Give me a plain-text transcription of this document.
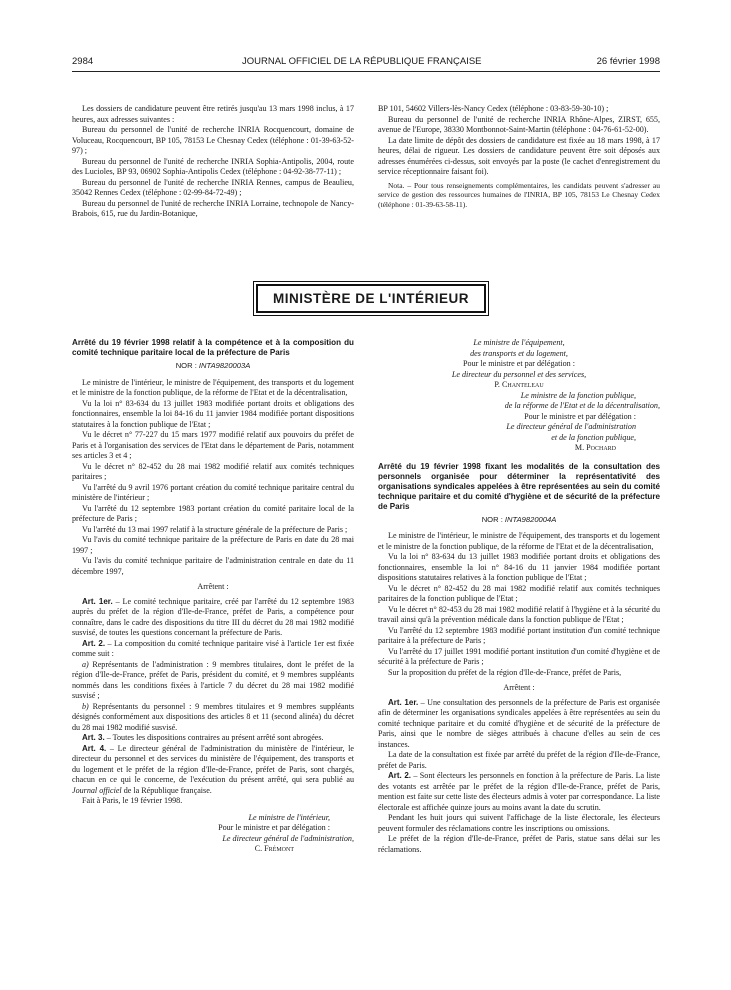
2984	JOURNAL OFFICIEL DE LA RÉPUBLIQUE FRANÇAISE	26 février 1998

Les dossiers de candidature peuvent être retirés jusqu'au 13 mars 1998 inclus, à 17 heures, aux adresses suivantes :

Bureau du personnel de l'unité de recherche INRIA Rocquencourt, domaine de Voluceau, Rocquencourt, BP 105, 78153 Le Chesnay Cedex (téléphone : 01-39-63-52-97) ;

Bureau du personnel de l'unité de recherche INRIA Sophia-Antipolis, 2004, route des Lucioles, BP 93, 06902 Sophia-Antipolis Cedex (téléphone : 04-92-38-77-11) ;

Bureau du personnel de l'unité de recherche INRIA Rennes, campus de Beaulieu, 35042 Rennes Cedex (téléphone : 02-99-84-72-49) ;

Bureau du personnel de l'unité de recherche INRIA Lorraine, technopole de Nancy-Brabois, 615, rue du Jardin-Botanique,

BP 101, 54602 Villers-lès-Nancy Cedex (téléphone : 03-83-59-30-10) ;

Bureau du personnel de l'unité de recherche INRIA Rhône-Alpes, ZIRST, 655, avenue de l'Europe, 38330 Montbonnot-Saint-Martin (téléphone : 04-76-61-52-00).

La date limite de dépôt des dossiers de candidature est fixée au 18 mars 1998, à 17 heures, délai de rigueur. Les dossiers de candidature peuvent être soit déposés aux adresses énumérées ci-dessus, soit envoyés par la poste (le cachet d'enregistrement du service réceptionnaire faisant foi).

Nota. – Pour tous renseignements complémentaires, les candidats peuvent s'adresser au service de gestion des ressources humaines de l'INRIA, BP 105, 78153 Le Chesnay Cedex (téléphone : 01-39-63-58-11).

MINISTÈRE DE L'INTÉRIEUR

Arrêté du 19 février 1998 relatif à la compétence et à la composition du comité technique paritaire local de la préfecture de Paris

NOR : INTA9820003A

Le ministre de l'intérieur, le ministre de l'équipement, des transports et du logement et le ministre de la fonction publique, de la réforme de l'Etat et de la décentralisation,

Vu la loi n° 83-634 du 13 juillet 1983 modifiée portant droits et obligations des fonctionnaires, ensemble la loi 84-16 du 11 janvier 1984 modifiée portant dispositions statutaires à la fonction publique de l'Etat ;

Vu le décret n° 77-227 du 15 mars 1977 modifié relatif aux pouvoirs du préfet de Paris et à l'organisation des services de l'Etat dans le département de Paris, notamment ses articles 3 et 4 ;

Vu le décret n° 82-452 du 28 mai 1982 modifié relatif aux comités techniques paritaires ;

Vu l'arrêté du 9 avril 1976 portant création du comité technique paritaire central du ministère de l'intérieur ;

Vu l'arrêté du 12 septembre 1983 portant création du comité paritaire local de la préfecture de Paris ;

Vu l'arrêté du 13 mai 1997 relatif à la structure générale de la préfecture de Paris ;

Vu l'avis du comité technique paritaire de la préfecture de Paris en date du 28 mai 1997 ;

Vu l'avis du comité technique paritaire de l'administration centrale en date du 11 décembre 1997,

Arrêtent :

Art. 1er. – Le comité technique paritaire, créé par l'arrêté du 12 septembre 1983 auprès du préfet de la région d'Ile-de-France, préfet de Paris, a compétence pour connaître, dans le cadre des dispositions du titre III du décret du 28 mai 1982 modifié susvisé, de toutes les questions concernant la préfecture de Paris.

Art. 2. – La composition du comité technique paritaire visé à l'article 1er est fixée comme suit :

a) Représentants de l'administration : 9 membres titulaires, dont le préfet de la région d'Ile-de-France, préfet de Paris, président du comité, et 9 membres suppléants nommés dans les conditions fixées à l'article 7 du décret du 28 mai 1982 modifié susvisé ;

b) Représentants du personnel : 9 membres titulaires et 9 membres suppléants désignés conformément aux dispositions des articles 8 et 11 (second alinéa) du décret du 28 mai 1982 modifié susvisé.

Art. 3. – Toutes les dispositions contraires au présent arrêté sont abrogées.

Art. 4. – Le directeur général de l'administration du ministère de l'intérieur, le directeur du personnel et des services du ministère de l'équipement, des transports et du logement et le préfet de la région d'Ile-de-France, préfet de Paris, sont chargés, chacun en ce qui le concerne, de l'exécution du présent arrêté, qui sera publié au Journal officiel de la République française.

Fait à Paris, le 19 février 1998.

Le ministre de l'intérieur,

Pour le ministre et par délégation :

Le directeur général de l'administration,

C. Frémont

Le ministre de l'équipement,

des transports et du logement,

Pour le ministre et par délégation :

Le directeur du personnel et des services,

P. Chanteleau

Le ministre de la fonction publique,

de la réforme de l'Etat et de la décentralisation,

Pour le ministre et par délégation :

Le directeur général de l'administration

et de la fonction publique,

M. Pochard

Arrêté du 19 février 1998 fixant les modalités de la consultation des personnels organisée pour déterminer la représentativité des organisations syndicales appelées à être représentées au sein du comité technique paritaire et du comité d'hygiène et de sécurité de la préfecture de Paris

NOR : INTA9820004A

Le ministre de l'intérieur, le ministre de l'équipement, des transports et du logement et le ministre de la fonction publique, de la réforme de l'Etat et de la décentralisation,

Vu la loi n° 83-634 du 13 juillet 1983 modifiée portant droits et obligations des fonctionnaires, ensemble la loi n° 84-16 du 11 janvier 1984 modifiée portant dispositions statutaires relatives à la fonction publique de l'Etat ;

Vu le décret n° 82-452 du 28 mai 1982 modifié relatif aux comités techniques paritaires de la fonction publique de l'Etat ;

Vu le décret n° 82-453 du 28 mai 1982 modifié relatif à l'hygiène et à la sécurité du travail ainsi qu'à la prévention médicale dans la fonction publique de l'Etat ;

Vu l'arrêté du 12 septembre 1983 modifié portant institution d'un comité technique paritaire à la préfecture de Paris ;

Vu l'arrêté du 17 juillet 1991 modifié portant institution d'un comité d'hygiène et de sécurité à la préfecture de Paris ;

Sur la proposition du préfet de la région d'Ile-de-France, préfet de Paris,

Arrêtent :

Art. 1er. – Une consultation des personnels de la préfecture de Paris est organisée afin de déterminer les organisations syndicales appelées à être représentées au sein du comité technique paritaire et du comité d'hygiène et de sécurité de la préfecture de Paris, ainsi que le nombre de sièges attribués à chacune d'elles au sein de ces instances.

La date de la consultation est fixée par arrêté du préfet de la région d'Ile-de-France, préfet de Paris.

Art. 2. – Sont électeurs les personnels en fonction à la préfecture de Paris. La liste des votants est arrêtée par le préfet de la région d'Ile-de-France, préfet de Paris, mention est faite sur cette liste des électeurs admis à voter par correspondance. La liste électorale est affichée quinze jours au moins avant la date du scrutin.

Pendant les huit jours qui suivent l'affichage de la liste électorale, les électeurs peuvent formuler des réclamations contre les inscriptions ou omissions.

Le préfet de la région d'Ile-de-France, préfet de Paris, statue sans délai sur les réclamations.
